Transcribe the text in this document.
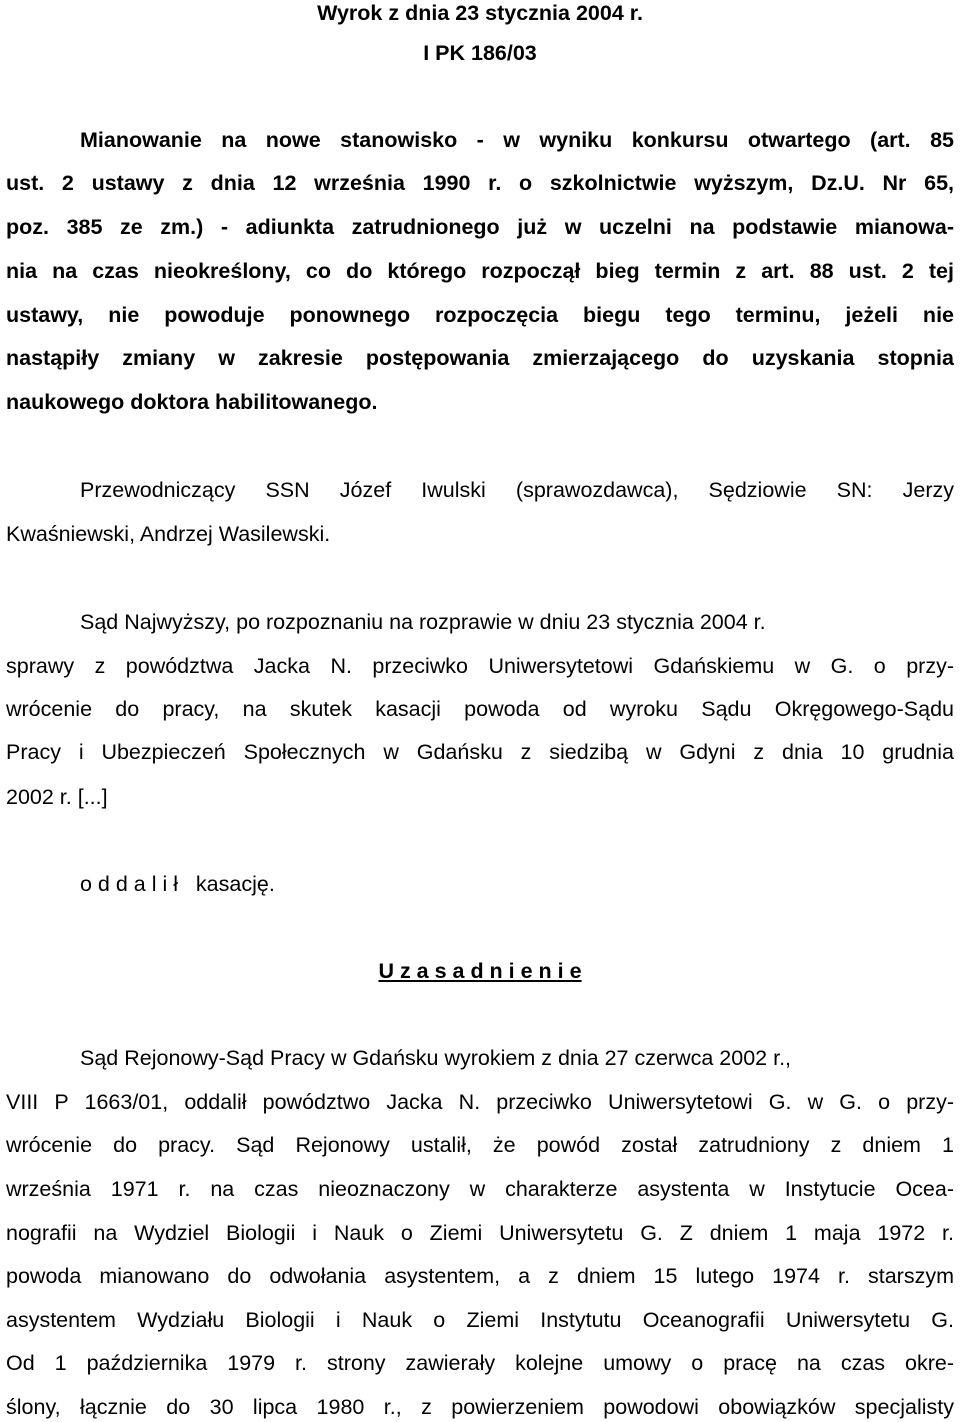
Wyrok z dnia 23 stycznia 2004 r.
I PK 186/03
Mianowanie na nowe stanowisko - w wyniku konkursu otwartego (art. 85
ust. 2 ustawy z dnia 12 września 1990 r. o szkolnictwie wyższym, Dz.U. Nr 65,
poz. 385 ze zm.) - adiunkta zatrudnionego już w uczelni na podstawie mianowa-
nia na czas nieokreślony, co do którego rozpoczął bieg termin z art. 88 ust. 2 tej
ustawy, nie powoduje ponownego rozpoczęcia biegu tego terminu, jeżeli nie
nastąpiły zmiany w zakresie postępowania zmierzającego do uzyskania stopnia
naukowego doktora habilitowanego.
Przewodniczący SSN Józef Iwulski (sprawozdawca), Sędziowie SN: Jerzy
Kwaśniewski, Andrzej Wasilewski.
Sąd Najwyższy, po rozpoznaniu na rozprawie w dniu 23 stycznia 2004 r.
sprawy z powództwa Jacka N. przeciwko Uniwersytetowi Gdańskiemu w G. o przy-
wrócenie do pracy, na skutek kasacji powoda od wyroku Sądu Okręgowego-Sądu
Pracy i Ubezpieczeń Społecznych w Gdańsku z siedzibą w Gdyni z dnia 10 grudnia
2002 r. [...]
o d d a l i ł kasację.
U z a s a d n i e n i e
Sąd Rejonowy-Sąd Pracy w Gdańsku wyrokiem z dnia 27 czerwca 2002 r.,
VIII P 1663/01, oddalił powództwo Jacka N. przeciwko Uniwersytetowi G. w G. o przy-
wrócenie do pracy. Sąd Rejonowy ustalił, że powód został zatrudniony z dniem 1
września 1971 r. na czas nieoznaczony w charakterze asystenta w Instytucie Ocea-
nografii na Wydziel Biologii i Nauk o Ziemi Uniwersytetu G. Z dniem 1 maja 1972 r.
powoda mianowano do odwołania asystentem, a z dniem 15 lutego 1974 r. starszym
asystentem Wydziału Biologii i Nauk o Ziemi Instytutu Oceanografii Uniwersytetu G.
Od 1 października 1979 r. strony zawierały kolejne umowy o pracę na czas okre-
ślony, łącznie do 30 lipca 1980 r., z powierzeniem powodowi obowiązków specjalisty
